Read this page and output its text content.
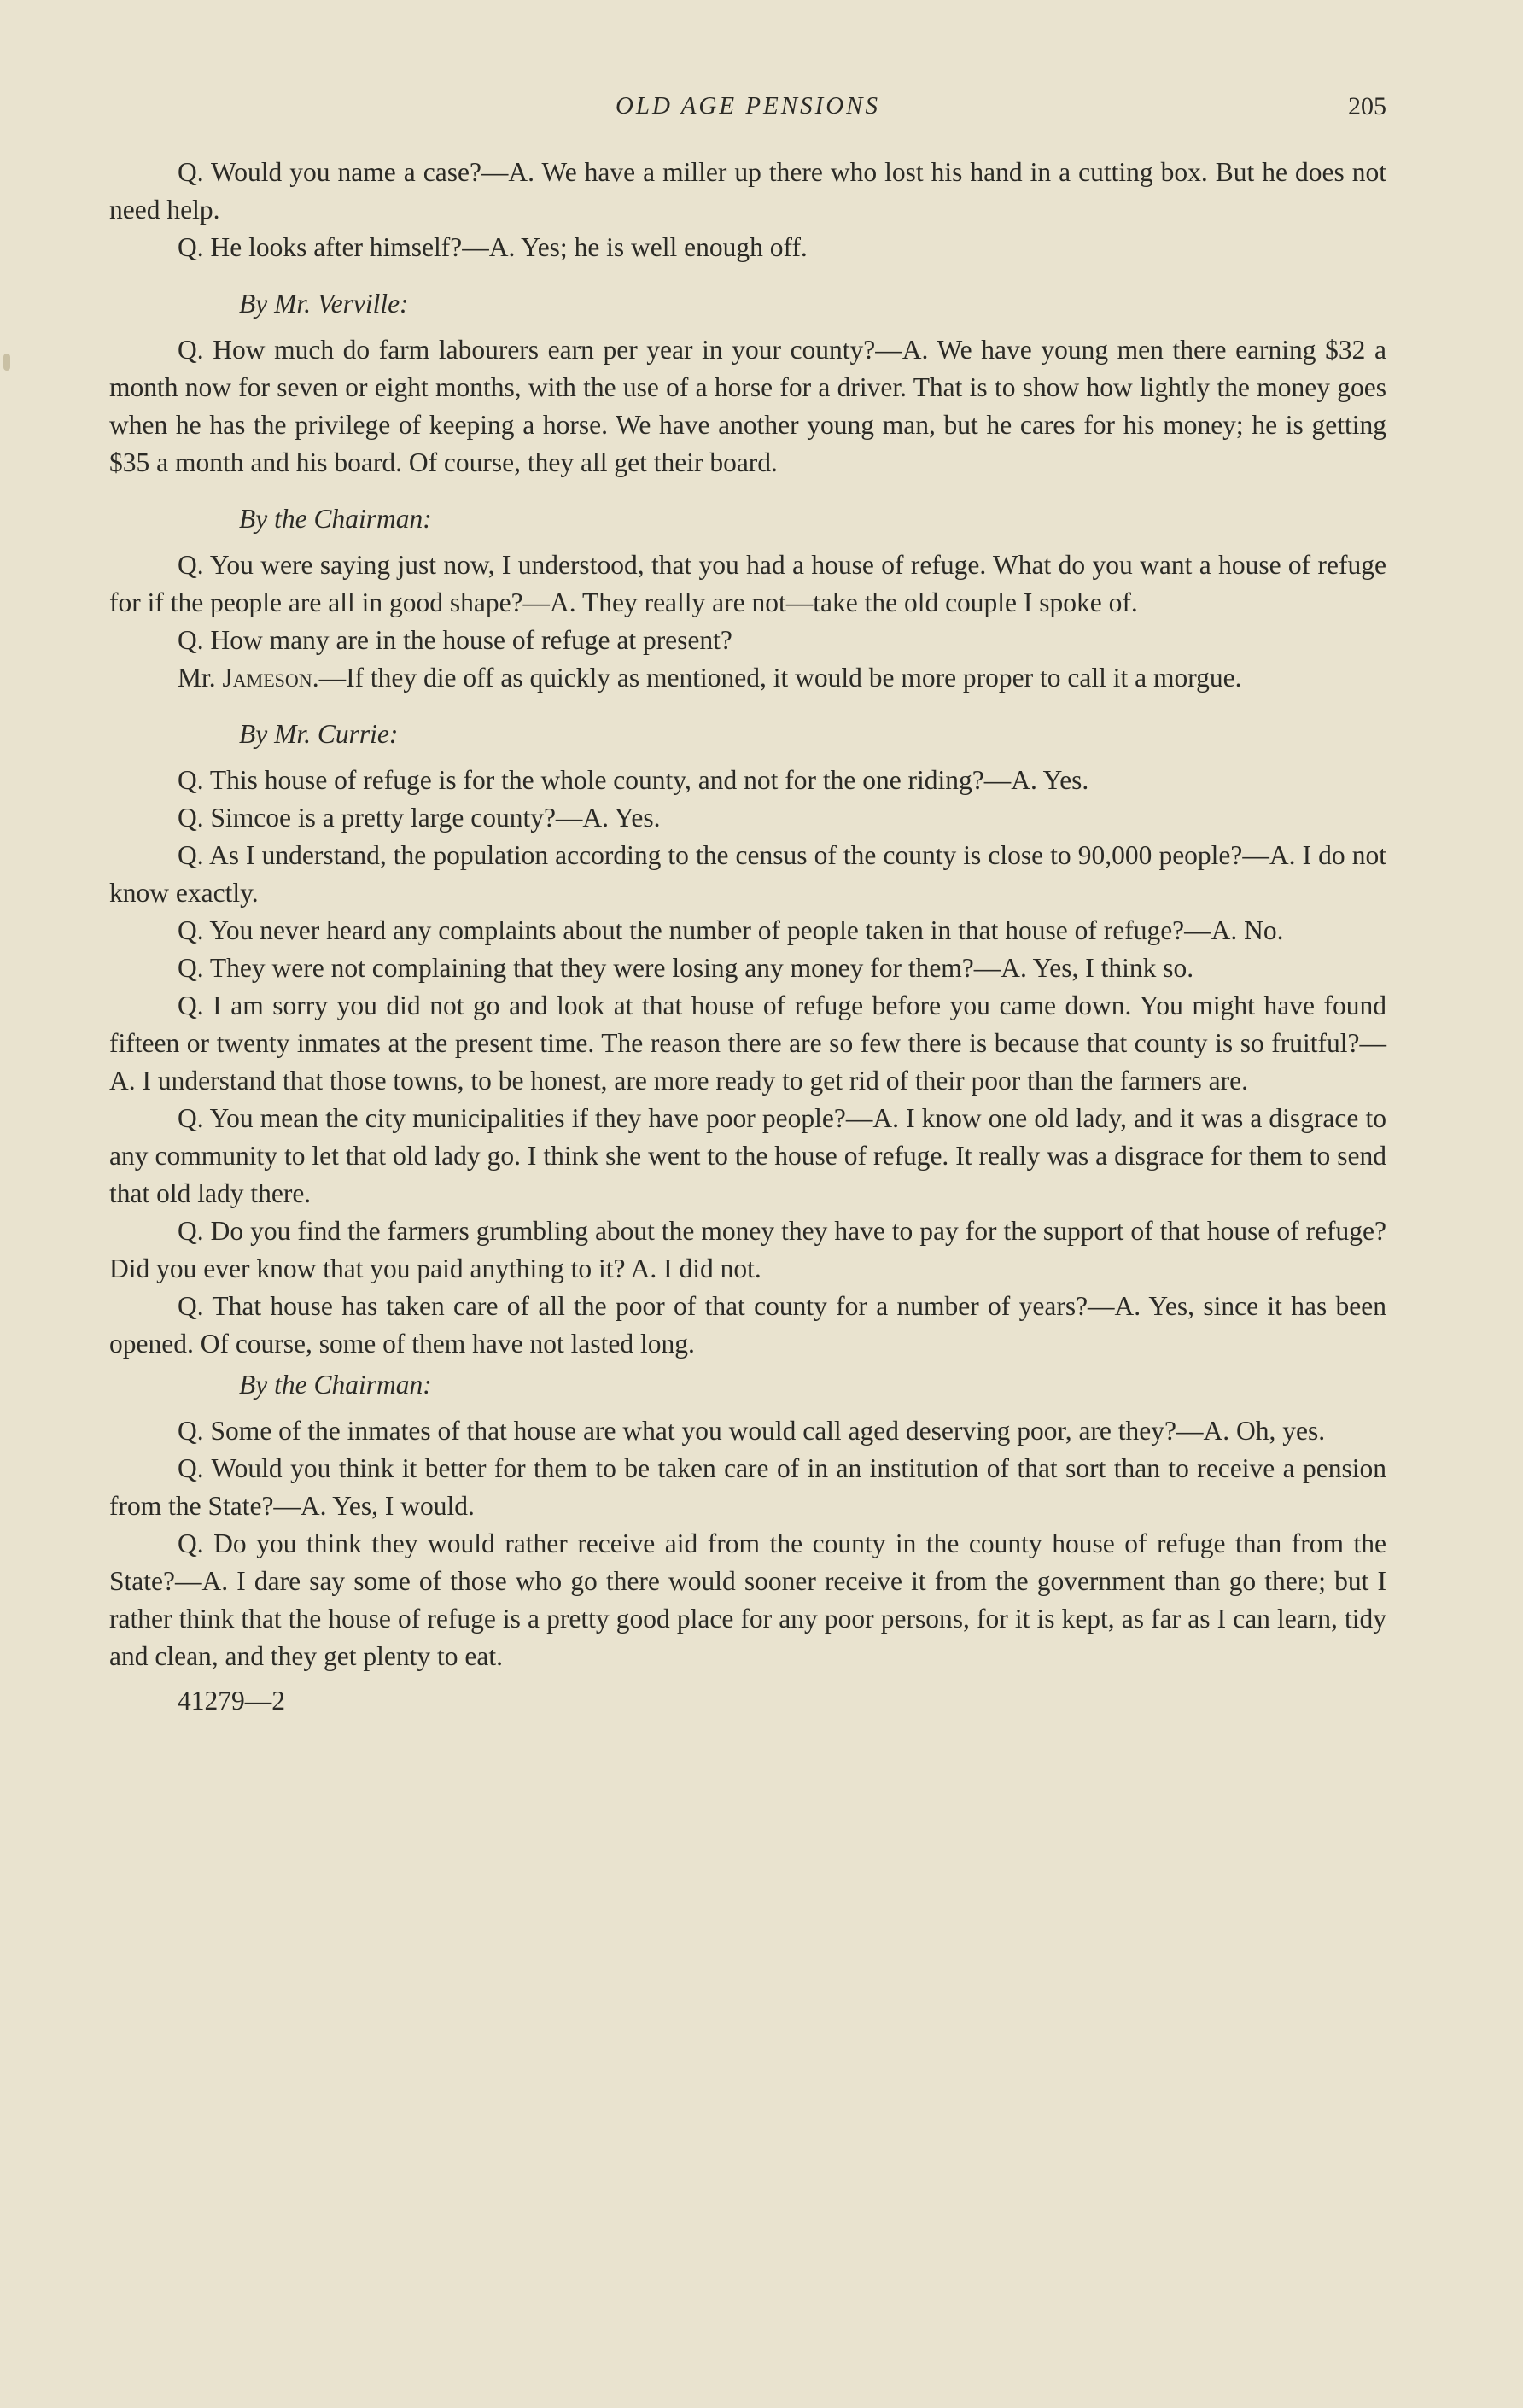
OLD AGE PENSIONS	205

Q. Would you name a case?—A. We have a miller up there who lost his hand in a cutting box. But he does not need help.

Q. He looks after himself?—A. Yes; he is well enough off.

By Mr. Verville:

Q. How much do farm labourers earn per year in your county?—A. We have young men there earning $32 a month now for seven or eight months, with the use of a horse for a driver. That is to show how lightly the money goes when he has the privilege of keeping a horse. We have another young man, but he cares for his money; he is getting $35 a month and his board. Of course, they all get their board.

By the Chairman:

Q. You were saying just now, I understood, that you had a house of refuge. What do you want a house of refuge for if the people are all in good shape?—A. They really are not—take the old couple I spoke of.

Q. How many are in the house of refuge at present?

Mr. Jameson.—If they die off as quickly as mentioned, it would be more proper to call it a morgue.

By Mr. Currie:

Q. This house of refuge is for the whole county, and not for the one riding?—A. Yes.

Q. Simcoe is a pretty large county?—A. Yes.

Q. As I understand, the population according to the census of the county is close to 90,000 people?—A. I do not know exactly.

Q. You never heard any complaints about the number of people taken in that house of refuge?—A. No.

Q. They were not complaining that they were losing any money for them?—A. Yes, I think so.

Q. I am sorry you did not go and look at that house of refuge before you came down. You might have found fifteen or twenty inmates at the present time. The reason there are so few there is because that county is so fruitful?—A. I understand that those towns, to be honest, are more ready to get rid of their poor than the farmers are.

Q. You mean the city municipalities if they have poor people?—A. I know one old lady, and it was a disgrace to any community to let that old lady go. I think she went to the house of refuge. It really was a disgrace for them to send that old lady there.

Q. Do you find the farmers grumbling about the money they have to pay for the support of that house of refuge? Did you ever know that you paid anything to it? A. I did not.

Q. That house has taken care of all the poor of that county for a number of years?—A. Yes, since it has been opened. Of course, some of them have not lasted long.

By the Chairman:

Q. Some of the inmates of that house are what you would call aged deserving poor, are they?—A. Oh, yes.

Q. Would you think it better for them to be taken care of in an institution of that sort than to receive a pension from the State?—A. Yes, I would.

Q. Do you think they would rather receive aid from the county in the county house of refuge than from the State?—A. I dare say some of those who go there would sooner receive it from the government than go there; but I rather think that the house of refuge is a pretty good place for any poor persons, for it is kept, as far as I can learn, tidy and clean, and they get plenty to eat.

41279—2
